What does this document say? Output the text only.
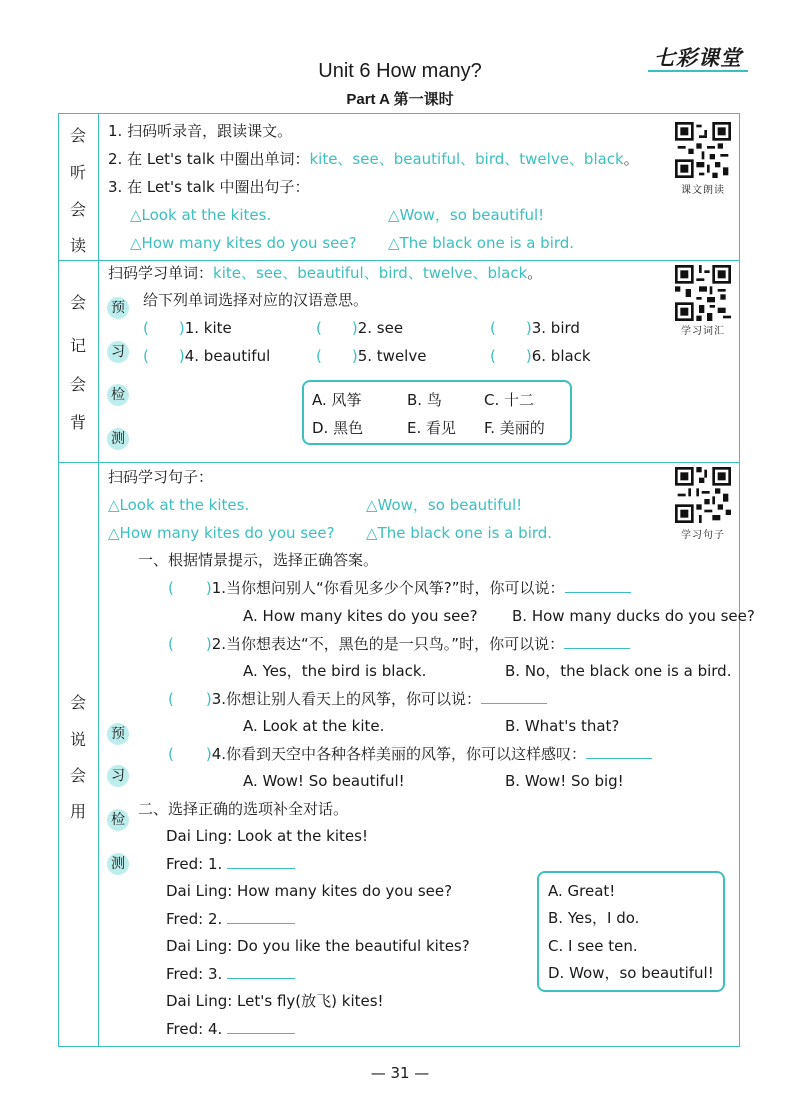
七彩课堂
Unit 6 How many?
Part A 第一课时
会
听
会
读
1. 扫码听录音，跟读课文。
2. 在 Let's talk 中圈出单词：kite、see、beautiful、bird、twelve、black。
3. 在 Let's talk 中圈出句子：
△Look at the kites.	△Wow，so beautiful!
△How many kites do you see? △The black one is a bird.
课文朗读
会
记
会
背
扫码学习单词：kite、see、beautiful、bird、twelve、black。
预
习
检
测
给下列单词选择对应的汉语意思。
( )1. kite	( )2. see	( )3. bird
( )4. beautiful	( )5. twelve	( )6. black
A. 风筝	B. 鸟	C. 十二
D. 黑色	E. 看见 F. 美丽的
学习词汇
会
说
会
用
扫码学习句子：
△Look at the kites.	△Wow，so beautiful!
△How many kites do you see? △The black one is a bird.	学习句子
一、根据情景提示，选择正确答案。
( )1.当你想问别人“你看见多少个风筝?”时，你可以说：
A. How many kites do you see? B. How many ducks do you see?
( )2.当你想表达“不，黑色的是一只鸟。”时，你可以说：
A. Yes，the bird is black.	B. No，the black one is a bird.
( )3.你想让别人看天上的风筝，你可以说：
A. Look at the kite.	B. What's that?
( )4.你看到天空中各种各样美丽的风筝，你可以这样感叹：
A. Wow! So beautiful!	B. Wow! So big!
预
习
检
测
二、选择正确的选项补全对话。
Dai Ling: Look at the kites!
Fred: 1.
Dai Ling: How many kites do you see?
Fred: 2.
Dai Ling: Do you like the beautiful kites?
Fred: 3.
Dai Ling: Let's fly(放飞) kites!
Fred: 4.
A. Great!
B. Yes，I do.
C. I see ten.
D. Wow，so beautiful!
— 31 —
